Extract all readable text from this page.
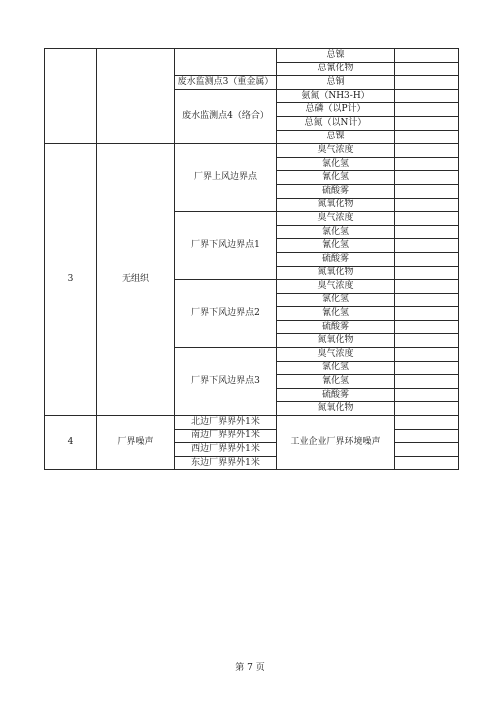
			总镍	
			总氰化物	
		废水监测点3（重金属）	总铜	
		废水监测点4（络合）	氨氮（NH3-H）	
			总磷（以P计）	
			总氮（以N计）	
			总镍	
3	无组织	厂界上风边界点	臭气浓度	
			氯化氢	
			氰化氢	
			硫酸雾	
			氮氧化物	
		厂界下风边界点1	臭气浓度	
			氯化氢	
			氰化氢	
			硫酸雾	
			氮氧化物	
		厂界下风边界点2	臭气浓度	
			氯化氢	
			氰化氢	
			硫酸雾	
			氮氧化物	
		厂界下风边界点3	臭气浓度	
			氯化氢	
			氰化氢	
			硫酸雾	
			氮氧化物	
4	厂界噪声	北边厂界界外1米	工业企业厂界环境噪声	
		南边厂界界外1米		
		西边厂界界外1米		
		东边厂界界外1米		
第 7 页
